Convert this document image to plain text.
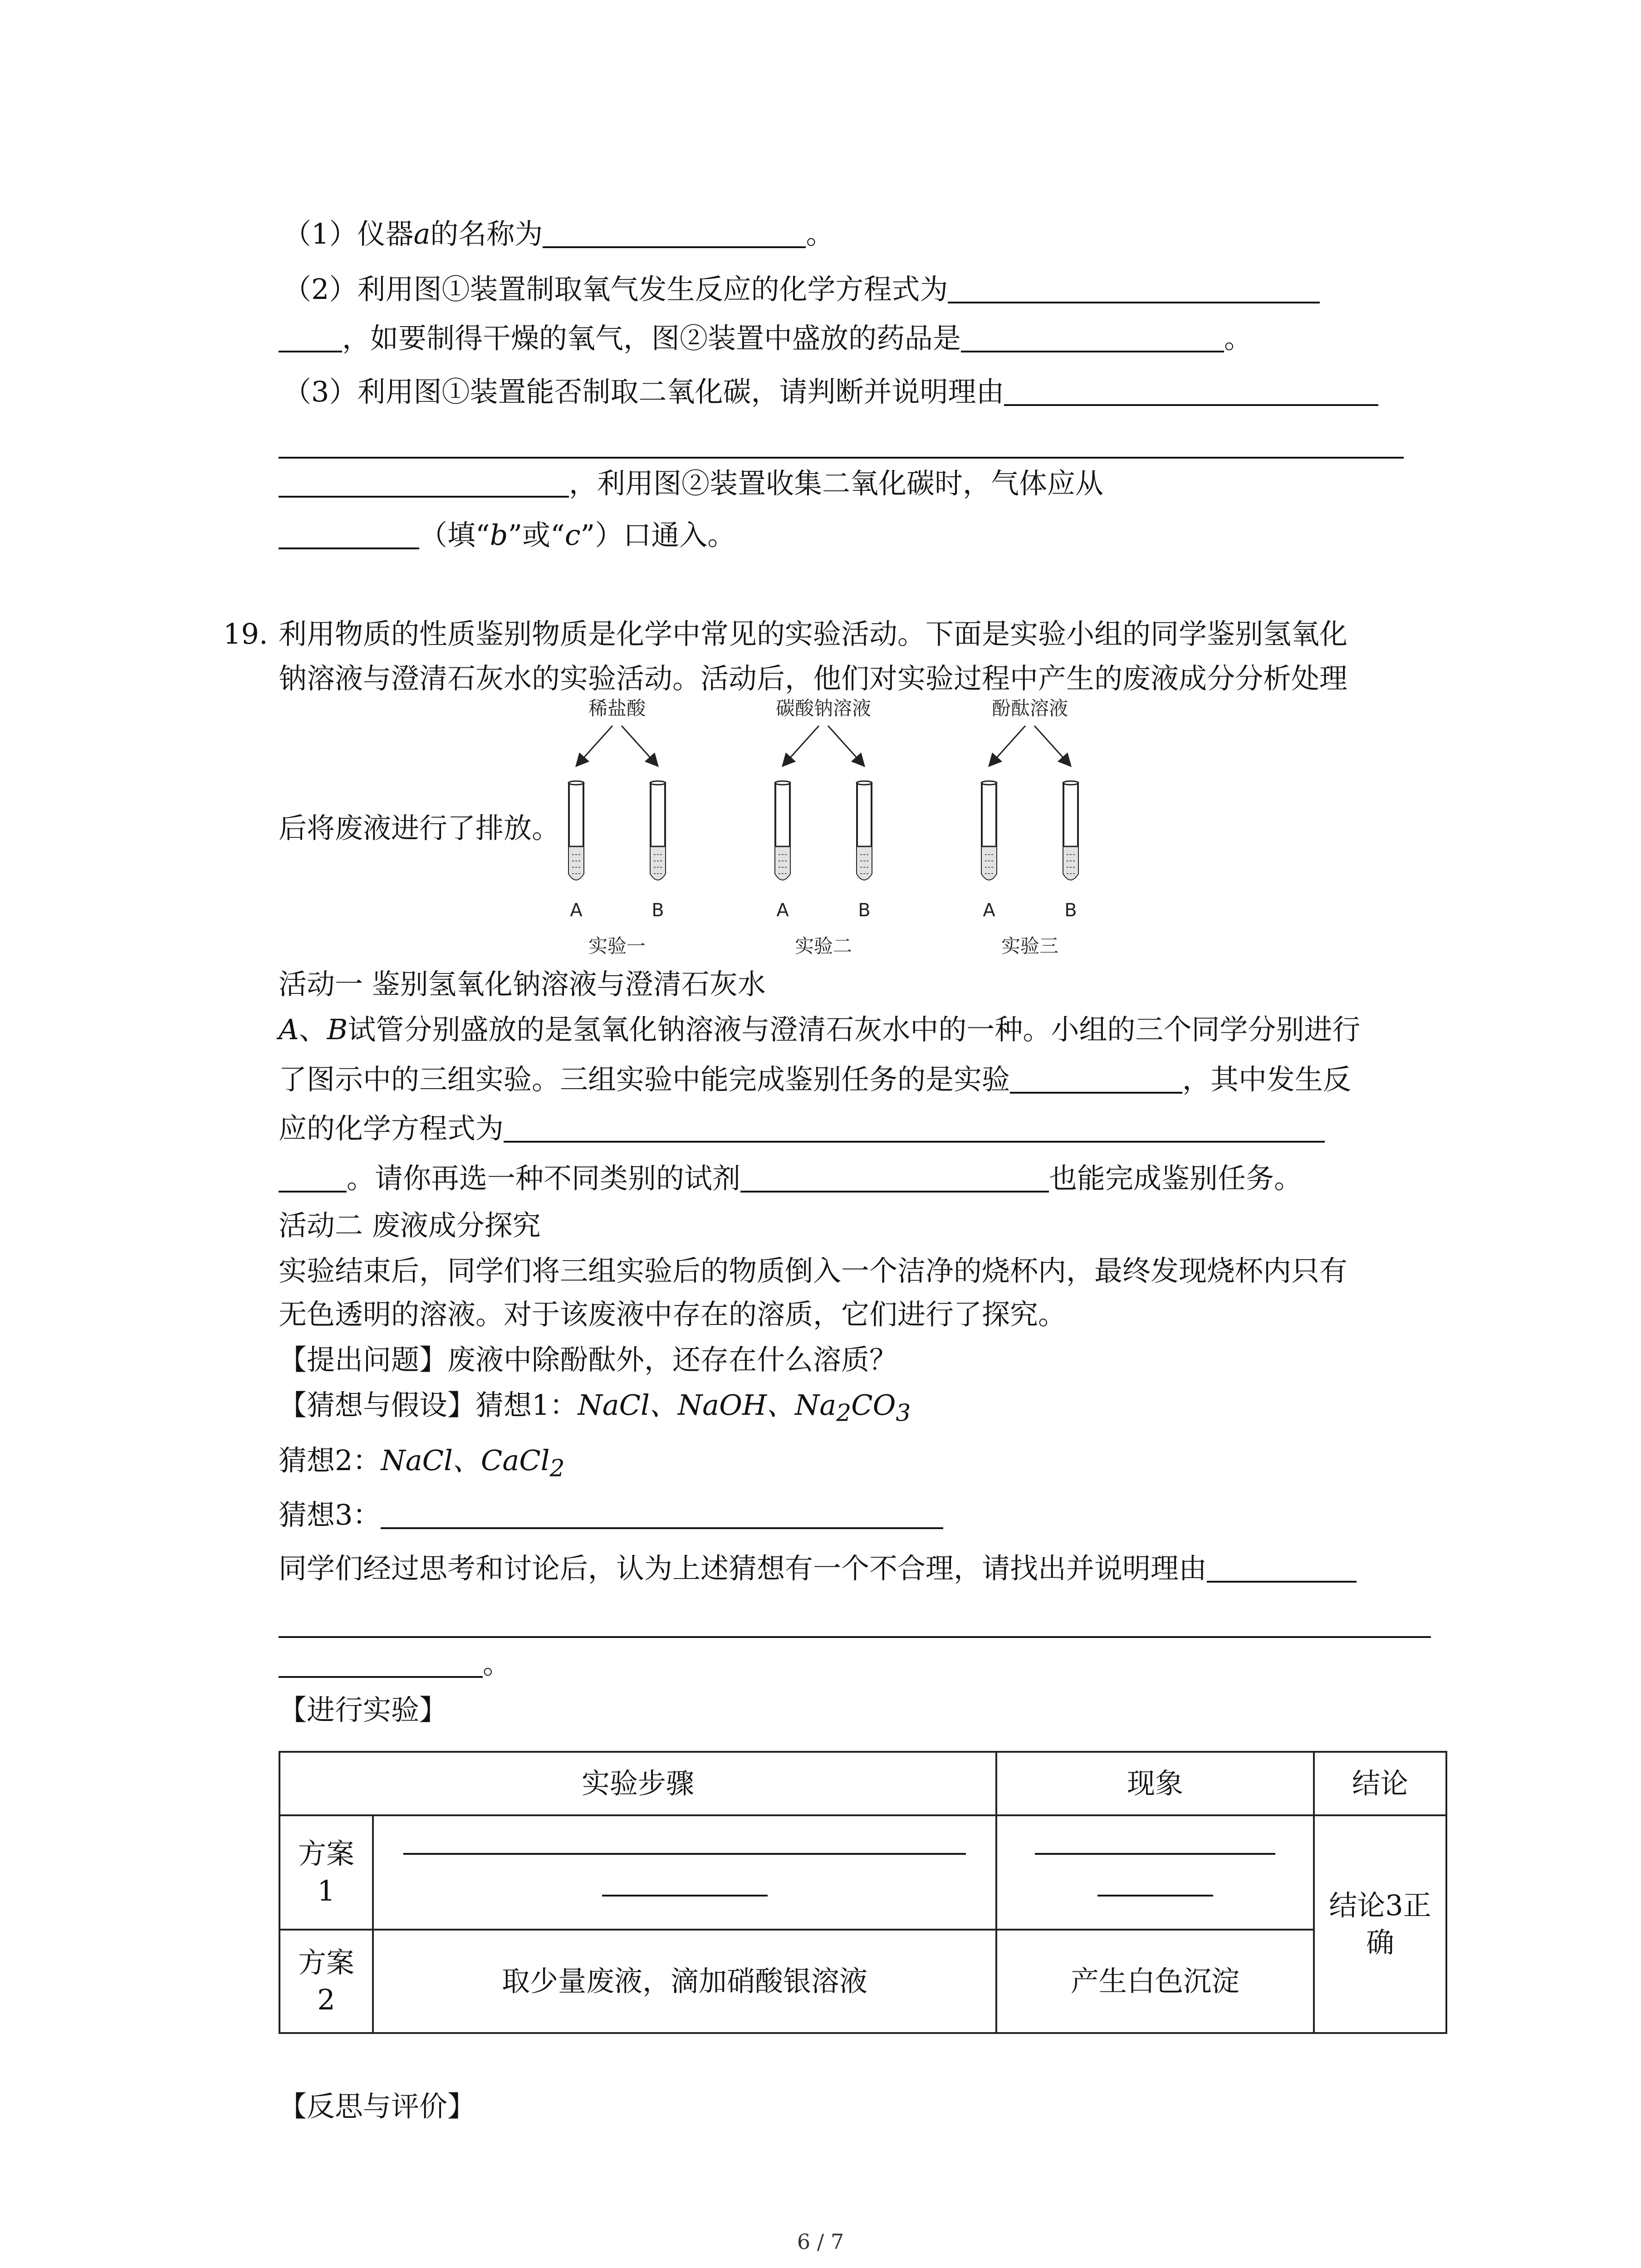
（1）仪器a的名称为	。
（2）利用图①装置制取氧气发生反应的化学方程式为
，如要制得干燥的氧气，图②装置中盛放的药品是	。
（3）利用图①装置能否制取二氧化碳，请判断并说明理由
，利用图②装置收集二氧化碳时，气体应从
（填“b”或“c”）口通入。
19. 利用物质的性质鉴别物质是化学中常见的实验活动。下面是实验小组的同学鉴别氢氧化
钠溶液与澄清石灰水的实验活动。活动后，他们对实验过程中产生的废液成分分析处理
后将废液进行了排放。
稀盐酸
A	B
实验一
碳酸钠溶液
A	B
实验二
酚酞溶液
A	B
实验三
活动一 鉴别氢氧化钠溶液与澄清石灰水
A、B试管分别盛放的是氢氧化钠溶液与澄清石灰水中的一种。小组的三个同学分别进行
了图示中的三组实验。三组实验中能完成鉴别任务的是实验	，其中发生反
应的化学方程式为
。请你再选一种不同类别的试剂	也能完成鉴别任务。
活动二 废液成分探究
实验结束后，同学们将三组实验后的物质倒入一个洁净的烧杯内，最终发现烧杯内只有
无色透明的溶液。对于该废液中存在的溶质，它们进行了探究。
【提出问题】废液中除酚酞外，还存在什么溶质？
【猜想与假设】猜想1：NaCl、NaOH、$Na_2CO_3$
猜想2：NaCl、CaCl$_2$
猜想3：
同学们经过思考和讨论后，认为上述猜想有一个不合理，请找出并说明理由
。
【进行实验】
实验步骤		现象	结论
方案
1			结论3正
确
方案
2	取少量废液，滴加硝酸银溶液	产生白色沉淀	
【反思与评价】
6 / 7
